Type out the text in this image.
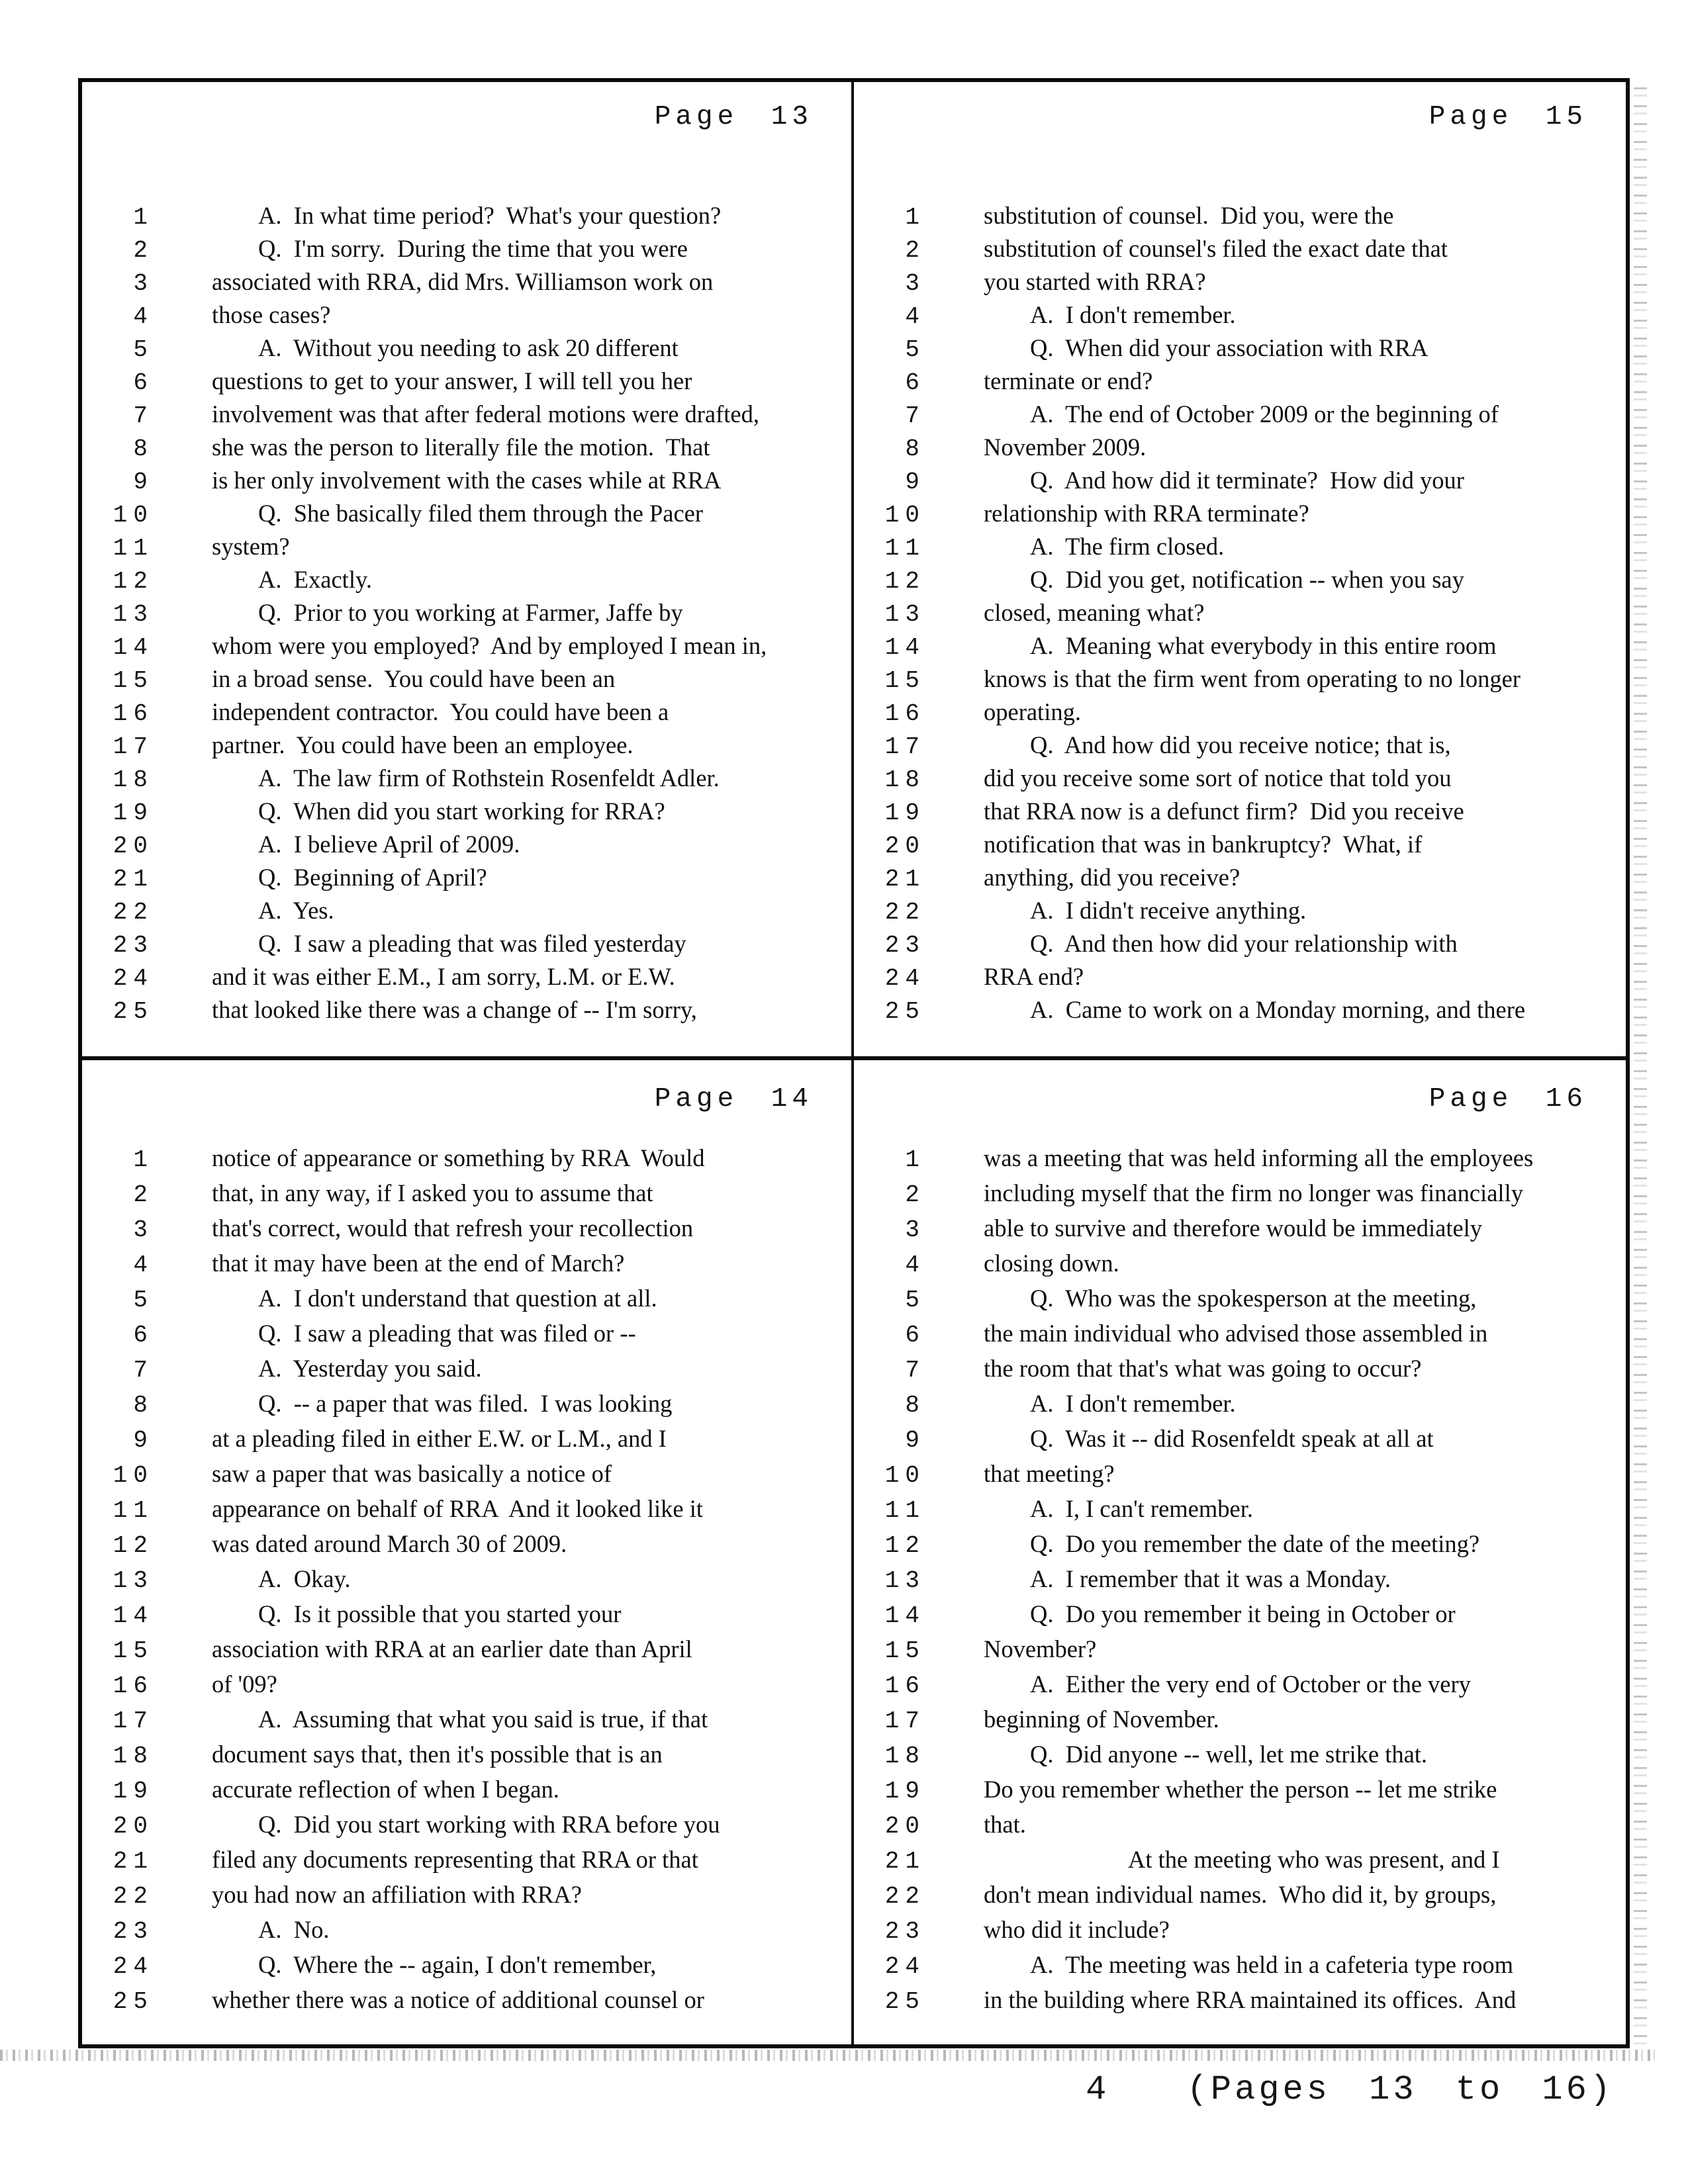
Page 13
1	A.  In what time period?  What's your question?
2	Q.  I'm sorry.  During the time that you were
3 associated with RRA, did Mrs. Williamson work on
4 those cases?
5	A.  Without you needing to ask 20 different
6 questions to get to your answer, I will tell you her
7 involvement was that after federal motions were drafted,
8 she was the person to literally file the motion.  That
9 is her only involvement with the cases while at RRA
10	Q.  She basically filed them through the Pacer
11 system?
12	A.  Exactly.
13	Q.  Prior to you working at Farmer, Jaffe by
14 whom were you employed?  And by employed I mean in,
15 in a broad sense.  You could have been an
16 independent contractor.  You could have been a
17 partner.  You could have been an employee.
18	A.  The law firm of Rothstein Rosenfeldt Adler.
19	Q.  When did you start working for RRA?
20	A.  I believe April of 2009.
21	Q.  Beginning of April?
22	A.  Yes.
23	Q.  I saw a pleading that was filed yesterday
24 and it was either E.M., I am sorry, L.M. or E.W.
25 that looked like there was a change of -- I'm sorry,
Page 15
1 substitution of counsel.  Did you, were the
2 substitution of counsel's filed the exact date that
3 you started with RRA?
4	A.  I don't remember.
5	Q.  When did your association with RRA
6 terminate or end?
7	A.  The end of October 2009 or the beginning of
8 November 2009.
9	Q.  And how did it terminate?  How did your
10 relationship with RRA terminate?
11	A.  The firm closed.
12	Q.  Did you get, notification -- when you say
13 closed, meaning what?
14	A.  Meaning what everybody in this entire room
15 knows is that the firm went from operating to no longer
16 operating.
17	Q.  And how did you receive notice; that is,
18 did you receive some sort of notice that told you
19 that RRA now is a defunct firm?  Did you receive
20 notification that was in bankruptcy?  What, if
21 anything, did you receive?
22	A.  I didn't receive anything.
23	Q.  And then how did your relationship with
24 RRA end?
25	A.  Came to work on a Monday morning, and there
Page 14
1 notice of appearance or something by RRA  Would
2 that, in any way, if I asked you to assume that
3 that's correct, would that refresh your recollection
4 that it may have been at the end of March?
5	A.  I don't understand that question at all.
6	Q.  I saw a pleading that was filed or --
7	A.  Yesterday you said.
8	Q.  -- a paper that was filed.  I was looking
9 at a pleading filed in either E.W. or L.M., and I
10 saw a paper that was basically a notice of
11 appearance on behalf of RRA  And it looked like it
12 was dated around March 30 of 2009.
13	A.  Okay.
14	Q.  Is it possible that you started your
15 association with RRA at an earlier date than April
16 of '09?
17	A.  Assuming that what you said is true, if that
18 document says that, then it's possible that is an
19 accurate reflection of when I began.
20	Q.  Did you start working with RRA before you
21 filed any documents representing that RRA or that
22 you had now an affiliation with RRA?
23	A.  No.
24	Q.  Where the -- again, I don't remember,
25 whether there was a notice of additional counsel or
Page 16
1 was a meeting that was held informing all the employees
2 including myself that the firm no longer was financially
3 able to survive and therefore would be immediately
4 closing down.
5	Q.  Who was the spokesperson at the meeting,
6 the main individual who advised those assembled in
7 the room that that's what was going to occur?
8	A.  I don't remember.
9	Q.  Was it -- did Rosenfeldt speak at all at
10 that meeting?
11	A.  I, I can't remember.
12	Q.  Do you remember the date of the meeting?
13	A.  I remember that it was a Monday.
14	Q.  Do you remember it being in October or
15 November?
16	A.  Either the very end of October or the very
17 beginning of November.
18	Q.  Did anyone -- well, let me strike that.
19 Do you remember whether the person -- let me strike
20 that.
21	At the meeting who was present, and I
22 don't mean individual names.  Who did it, by groups,
23 who did it include?
24	A.  The meeting was held in a cafeteria type room
25 in the building where RRA maintained its offices.  And
4  (Pages 13 to 16)
